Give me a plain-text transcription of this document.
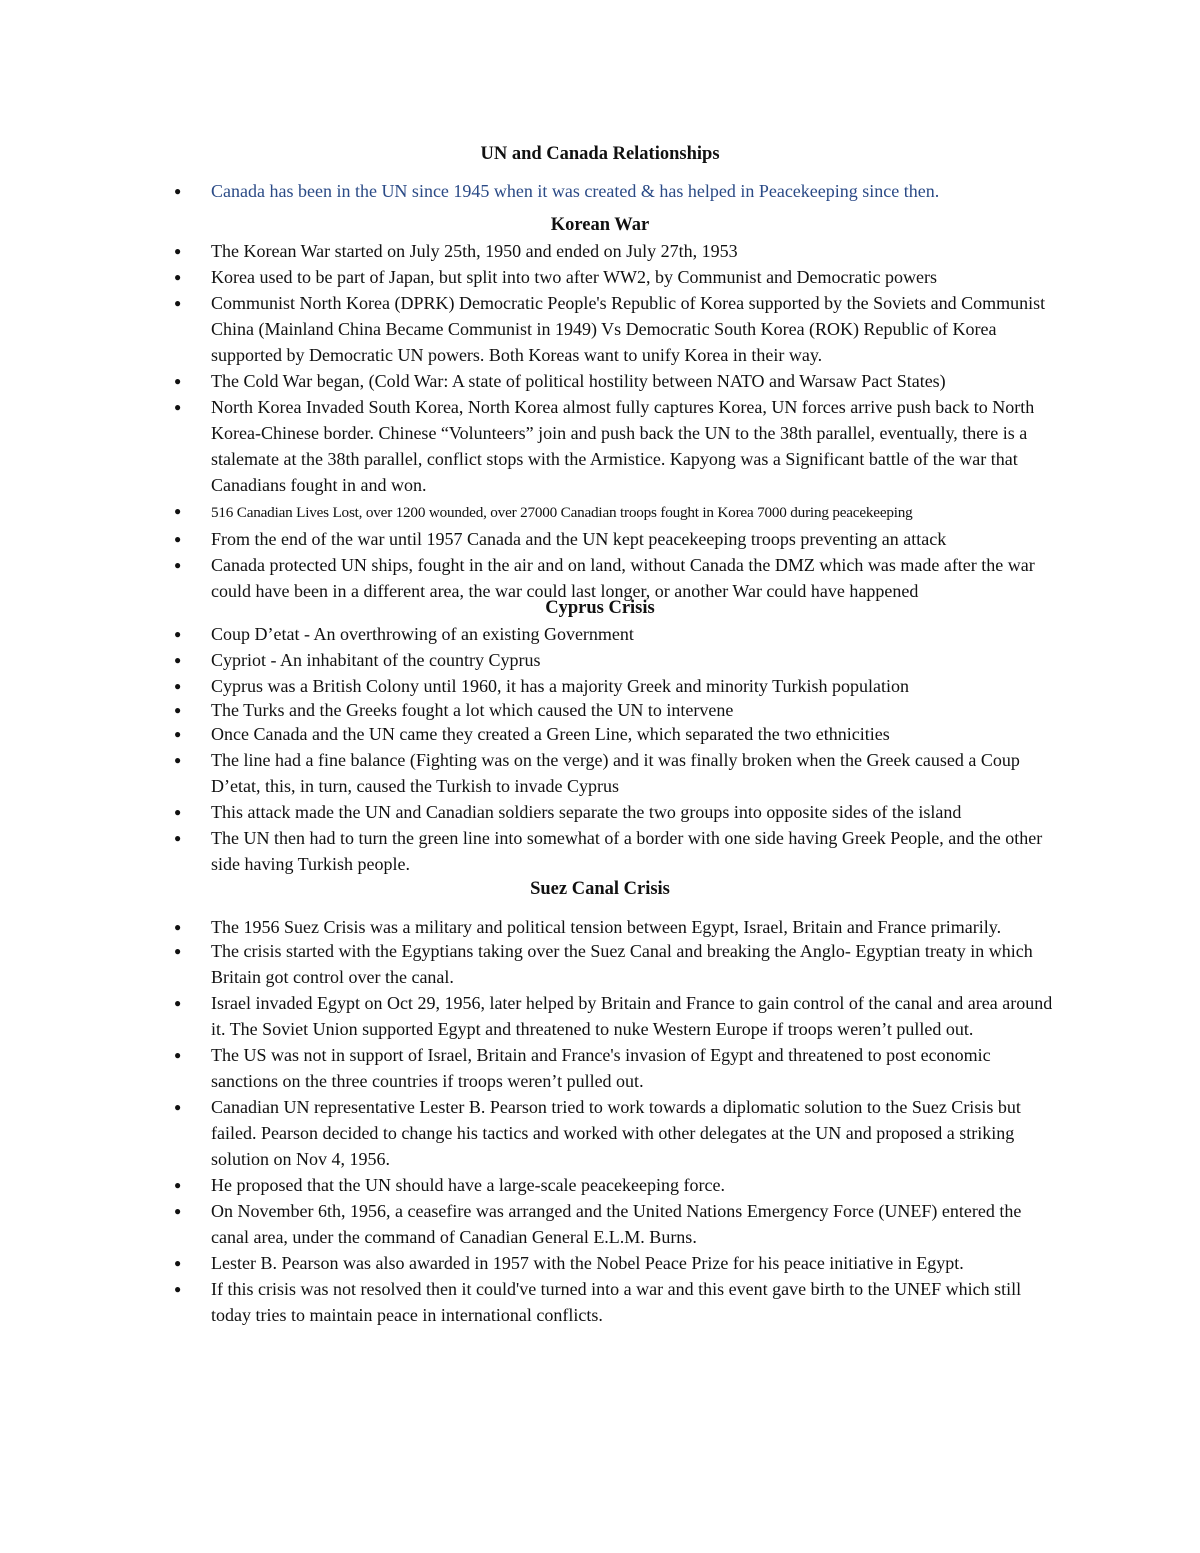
UN and Canada Relationships
● Canada has been in the UN since 1945 when it was created & has helped in Peacekeeping since then.
Korean War
● The Korean War started on July 25th, 1950 and ended on July 27th, 1953
● Korea used to be part of Japan, but split into two after WW2, by Communist and Democratic powers
● Communist North Korea (DPRK) Democratic People's Republic of Korea supported by the Soviets and Communist China (Mainland China Became Communist in 1949) Vs Democratic South Korea (ROK) Republic of Korea supported by Democratic UN powers. Both Koreas want to unify Korea in their way.
● The Cold War began, (Cold War: A state of political hostility between NATO and Warsaw Pact States)
● North Korea Invaded South Korea, North Korea almost fully captures Korea, UN forces arrive push back to North Korea-Chinese border. Chinese “Volunteers” join and push back the UN to the 38th parallel, eventually, there is a stalemate at the 38th parallel, conflict stops with the Armistice. Kapyong was a Significant battle of the war that Canadians fought in and won.
● 516 Canadian Lives Lost, over 1200 wounded, over 27000 Canadian troops fought in Korea 7000 during peacekeeping
● From the end of the war until 1957 Canada and the UN kept peacekeeping troops preventing an attack
● Canada protected UN ships, fought in the air and on land, without Canada the DMZ which was made after the war could have been in a different area, the war could last longer, or another War could have happened
Cyprus Crisis
● Coup D’etat - An overthrowing of an existing Government
● Cypriot - An inhabitant of the country Cyprus
● Cyprus was a British Colony until 1960, it has a majority Greek and minority Turkish population
● The Turks and the Greeks fought a lot which caused the UN to intervene
● Once Canada and the UN came they created a Green Line, which separated the two ethnicities
● The line had a fine balance (Fighting was on the verge) and it was finally broken when the Greek caused a Coup D’etat, this, in turn, caused the Turkish to invade Cyprus
● This attack made the UN and Canadian soldiers separate the two groups into opposite sides of the island
● The UN then had to turn the green line into somewhat of a border with one side having Greek People, and the other side having Turkish people.
Suez Canal Crisis
● The 1956 Suez Crisis was a military and political tension between Egypt, Israel, Britain and France primarily.
● The crisis started with the Egyptians taking over the Suez Canal and breaking the Anglo- Egyptian treaty in which Britain got control over the canal.
● Israel invaded Egypt on Oct 29, 1956, later helped by Britain and France to gain control of the canal and area around it. The Soviet Union supported Egypt and threatened to nuke Western Europe if troops weren’t pulled out.
● The US was not in support of Israel, Britain and France's invasion of Egypt and threatened to post economic sanctions on the three countries if troops weren’t pulled out.
● Canadian UN representative Lester B. Pearson tried to work towards a diplomatic solution to the Suez Crisis but failed. Pearson decided to change his tactics and worked with other delegates at the UN and proposed a striking solution on Nov 4, 1956.
● He proposed that the UN should have a large-scale peacekeeping force.
● On November 6th, 1956, a ceasefire was arranged and the United Nations Emergency Force (UNEF) entered the canal area, under the command of Canadian General E.L.M. Burns.
● Lester B. Pearson was also awarded in 1957 with the Nobel Peace Prize for his peace initiative in Egypt.
● If this crisis was not resolved then it could've turned into a war and this event gave birth to the UNEF which still today tries to maintain peace in international conflicts.
